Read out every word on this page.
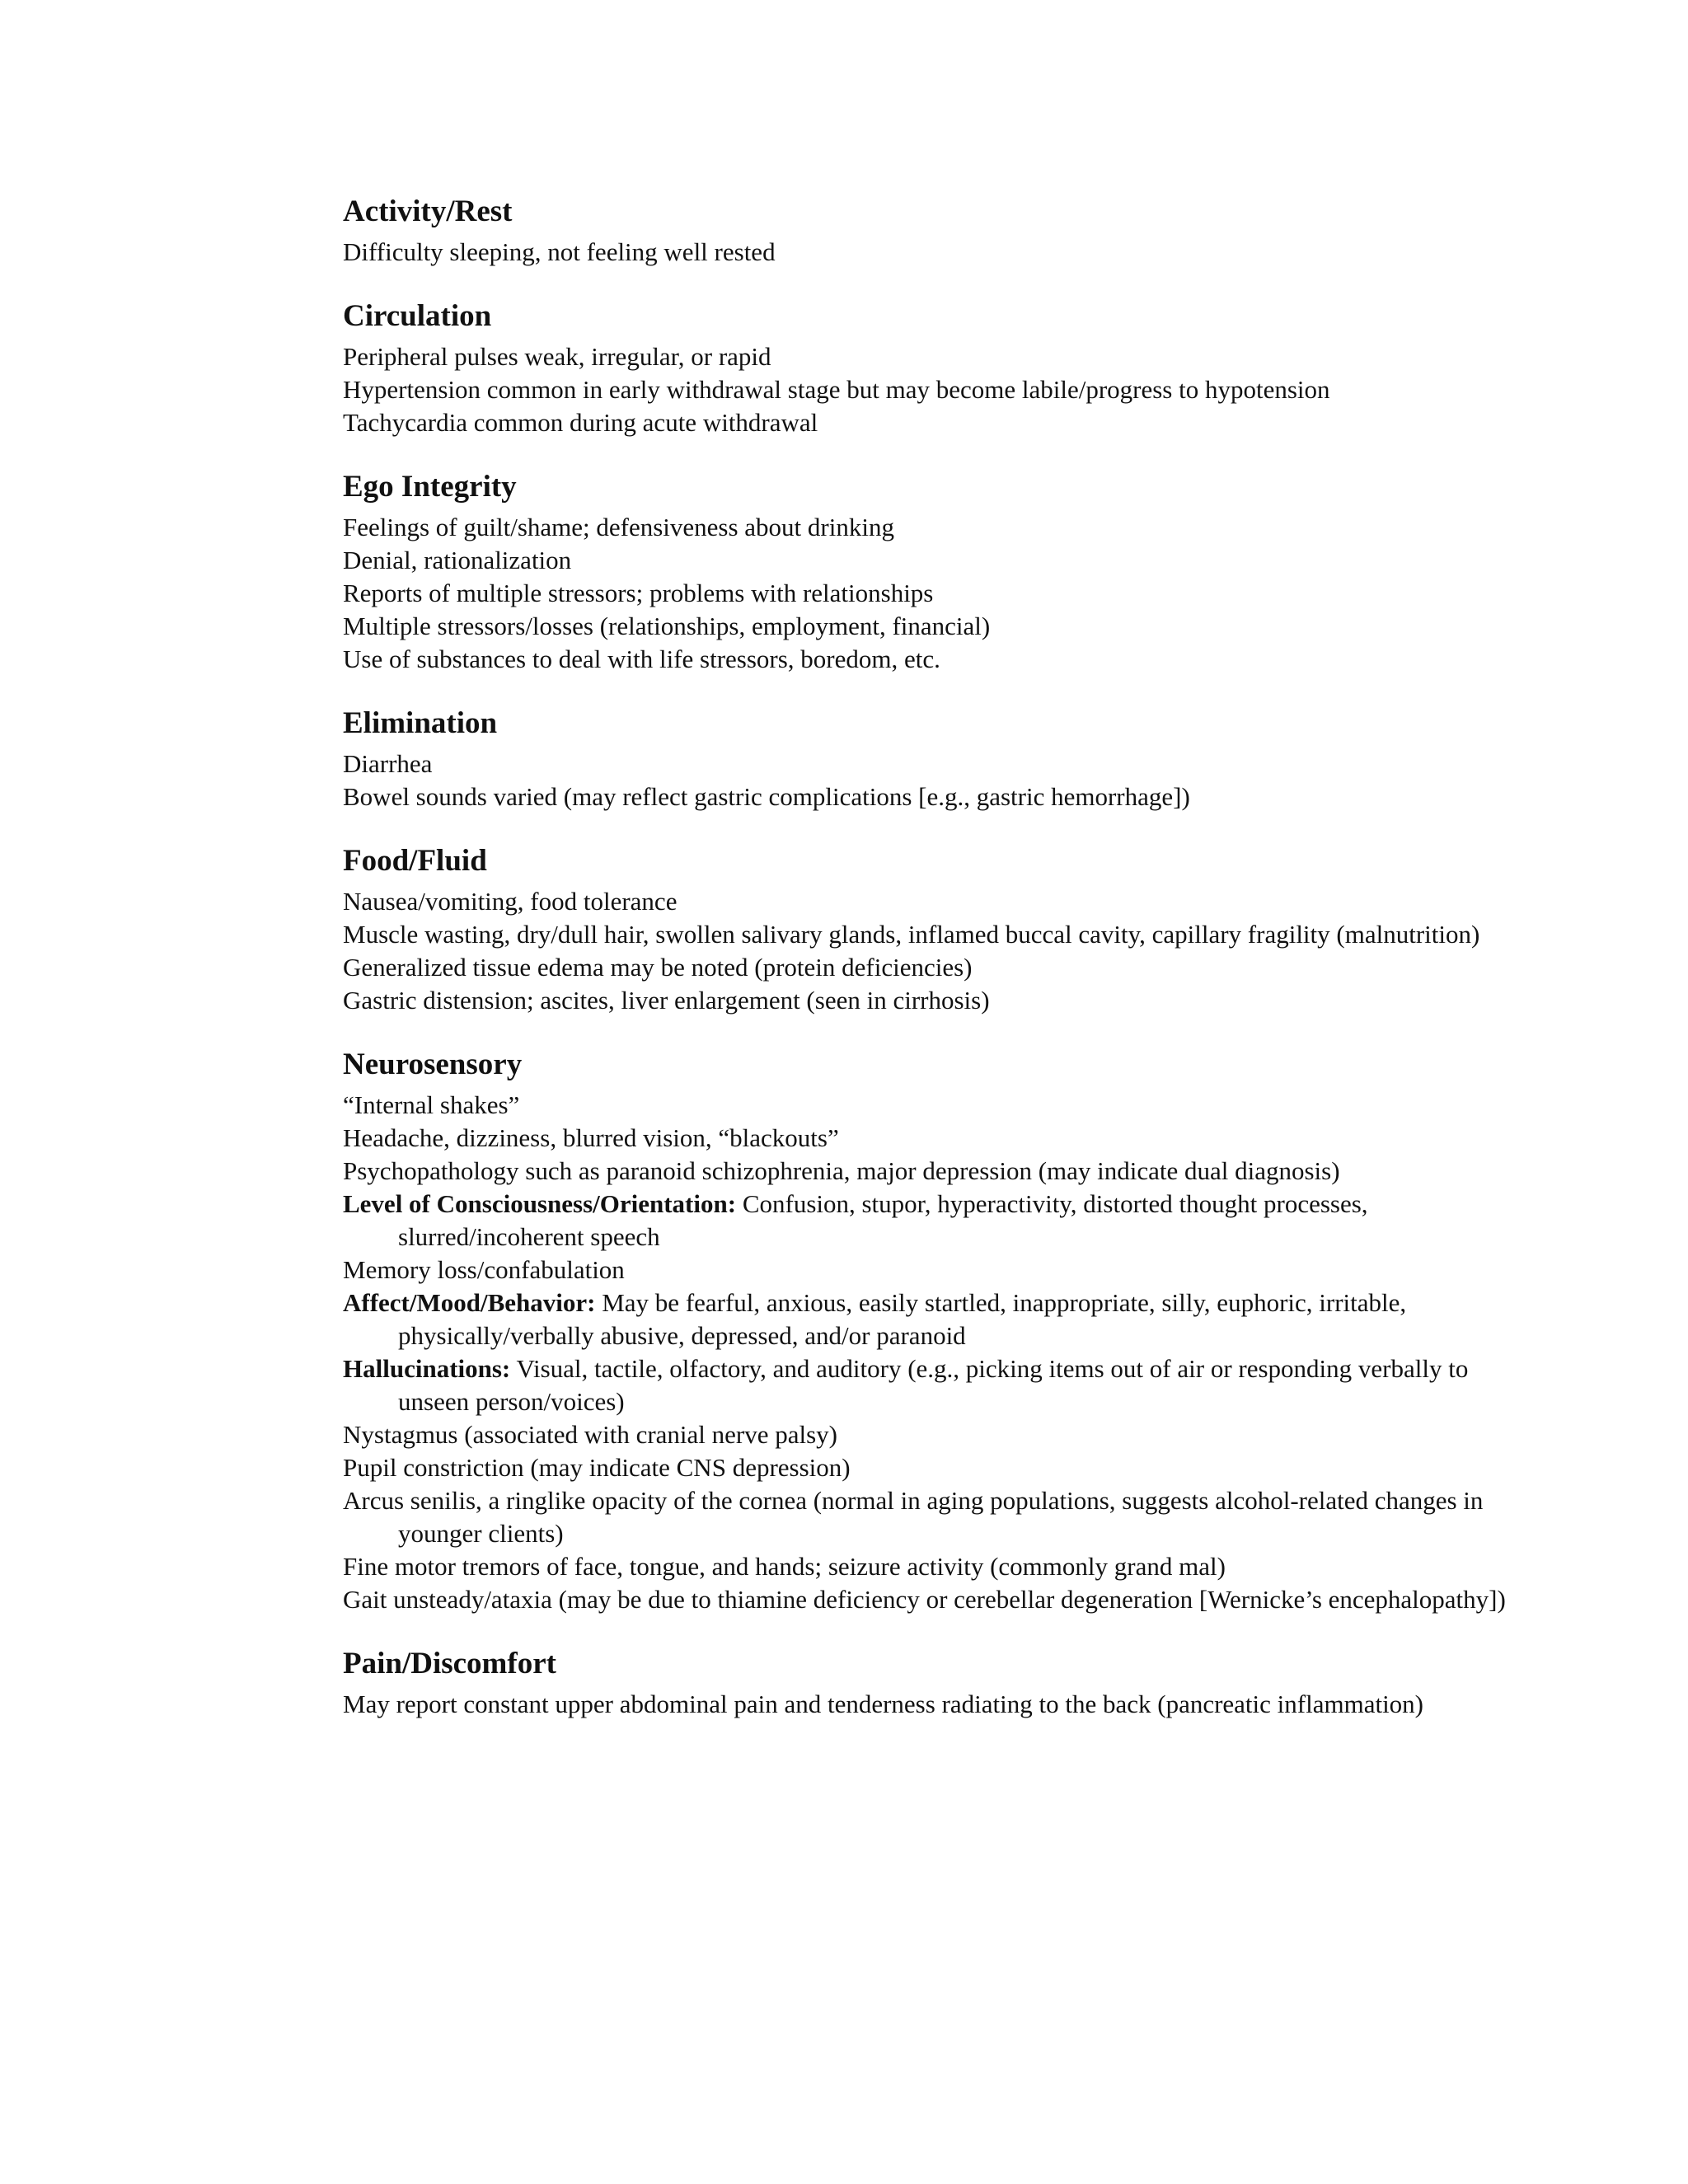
Activity/Rest

Difficulty sleeping, not feeling well rested

Circulation

Peripheral pulses weak, irregular, or rapid

Hypertension common in early withdrawal stage but may become labile/progress to hypotension

Tachycardia common during acute withdrawal

Ego Integrity

Feelings of guilt/shame; defensiveness about drinking

Denial, rationalization

Reports of multiple stressors; problems with relationships

Multiple stressors/losses (relationships, employment, financial)

Use of substances to deal with life stressors, boredom, etc.

Elimination

Diarrhea

Bowel sounds varied (may reflect gastric complications [e.g., gastric hemorrhage])

Food/Fluid

Nausea/vomiting, food tolerance

Muscle wasting, dry/dull hair, swollen salivary glands, inflamed buccal cavity, capillary fragility (malnutrition)

Generalized tissue edema may be noted (protein deficiencies)

Gastric distension; ascites, liver enlargement (seen in cirrhosis)

Neurosensory

“Internal shakes”

Headache, dizziness, blurred vision, “blackouts”

Psychopathology such as paranoid schizophrenia, major depression (may indicate dual diagnosis)

Level of Consciousness/Orientation: Confusion, stupor, hyperactivity, distorted thought processes, slurred/incoherent speech

Memory loss/confabulation

Affect/Mood/Behavior: May be fearful, anxious, easily startled, inappropriate, silly, euphoric, irritable, physically/verbally abusive, depressed, and/or paranoid

Hallucinations: Visual, tactile, olfactory, and auditory (e.g., picking items out of air or responding verbally to unseen person/voices)

Nystagmus (associated with cranial nerve palsy)

Pupil constriction (may indicate CNS depression)

Arcus senilis, a ringlike opacity of the cornea (normal in aging populations, suggests alcohol-related changes in younger clients)

Fine motor tremors of face, tongue, and hands; seizure activity (commonly grand mal)

Gait unsteady/ataxia (may be due to thiamine deficiency or cerebellar degeneration [Wernicke’s encephalopathy])

Pain/Discomfort

May report constant upper abdominal pain and tenderness radiating to the back (pancreatic inflammation)
